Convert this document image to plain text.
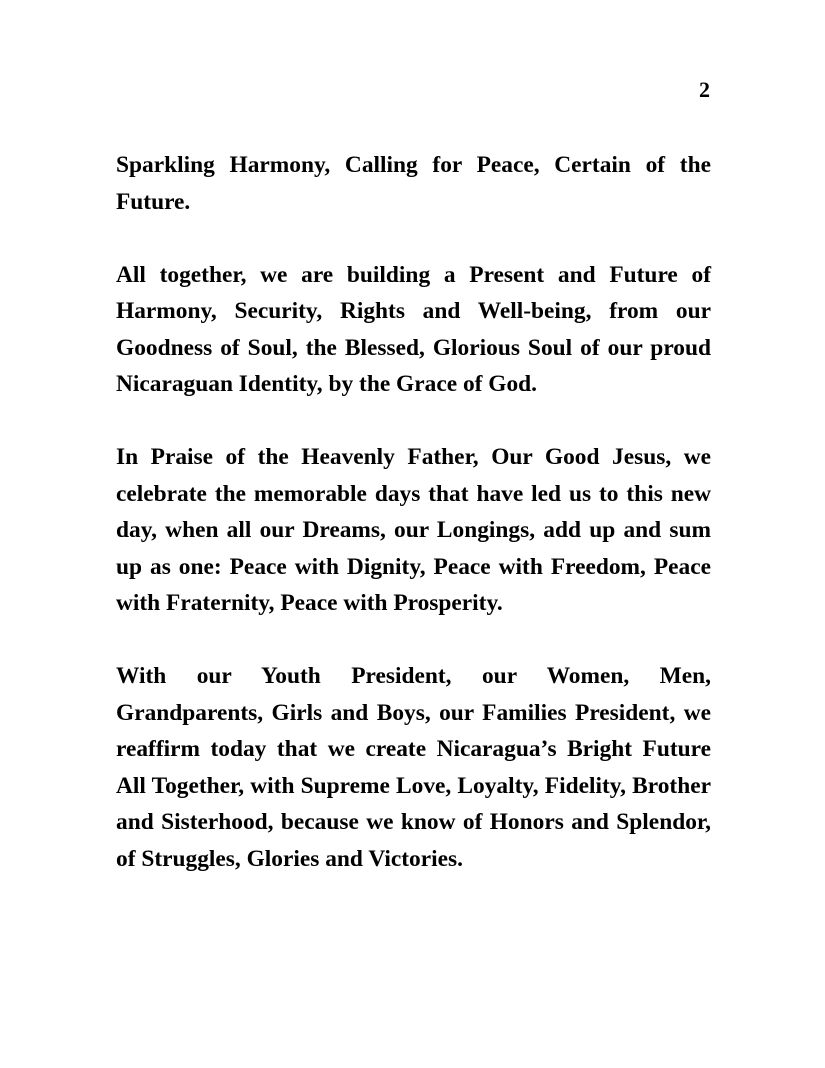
2

Sparkling Harmony, Calling for Peace, Certain of the Future.

All together, we are building a Present and Future of Harmony, Security, Rights and Well-being, from our Goodness of Soul, the Blessed, Glorious Soul of our proud Nicaraguan Identity, by the Grace of God.

In Praise of the Heavenly Father, Our Good Jesus, we celebrate the memorable days that have led us to this new day, when all our Dreams, our Longings, add up and sum up as one: Peace with Dignity, Peace with Freedom, Peace with Fraternity, Peace with Prosperity.

With our Youth President, our Women, Men, Grandparents, Girls and Boys, our Families President, we reaffirm today that we create Nicaragua’s Bright Future All Together, with Supreme Love, Loyalty, Fidelity, Brother and Sisterhood, because we know of Honors and Splendor, of Struggles, Glories and Victories.
